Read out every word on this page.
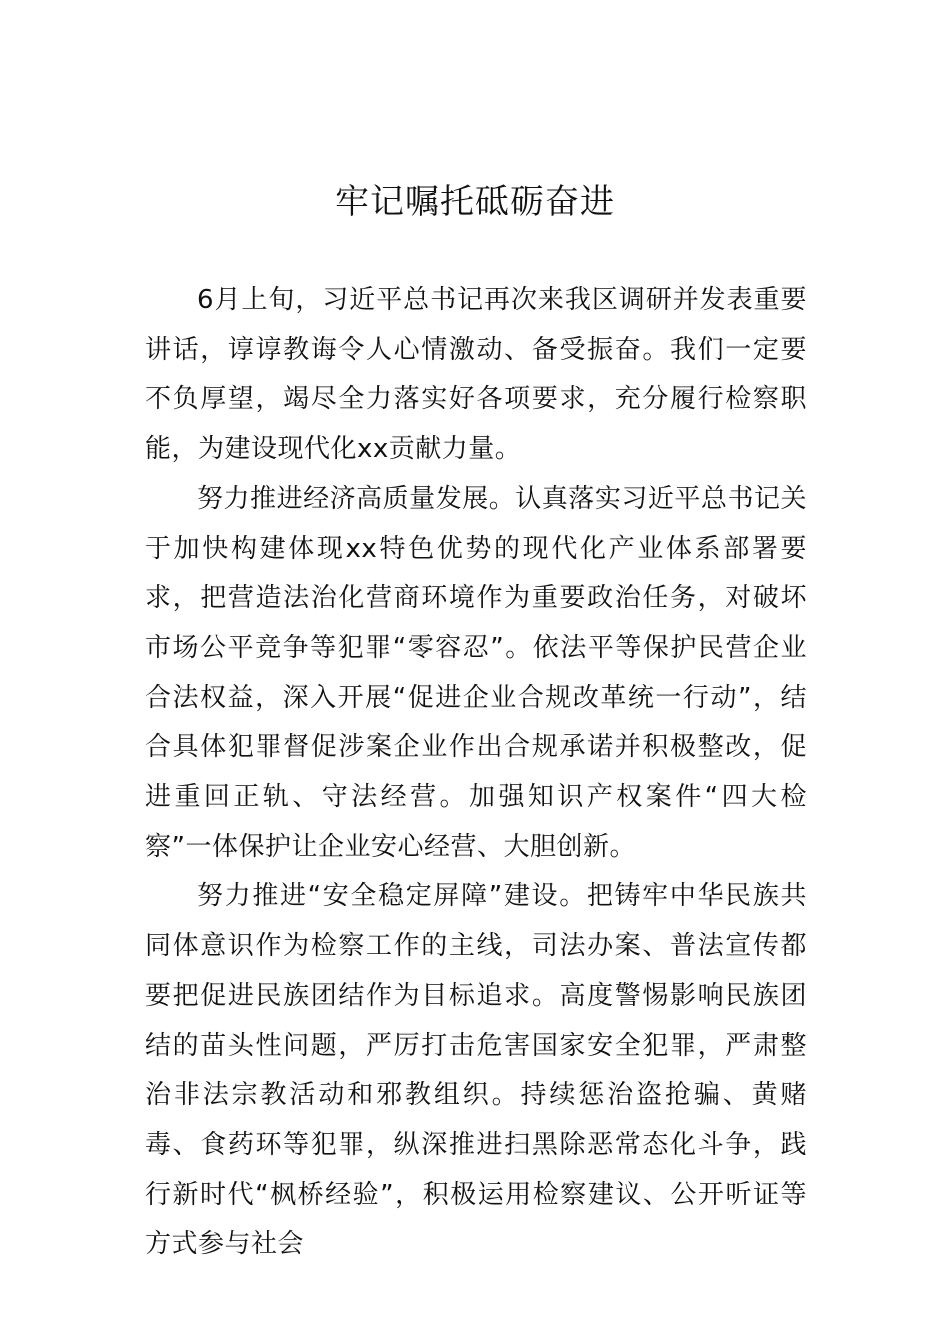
牢记嘱托砥砺奋进

6月上旬，习近平总书记再次来我区调研并发表重要讲话，谆谆教诲令人心情激动、备受振奋。我们一定要不负厚望，竭尽全力落实好各项要求，充分履行检察职能，为建设现代化xx贡献力量。

努力推进经济高质量发展。认真落实习近平总书记关于加快构建体现xx特色优势的现代化产业体系部署要求，把营造法治化营商环境作为重要政治任务，对破坏市场公平竞争等犯罪“零容忍”。依法平等保护民营企业合法权益，深入开展“促进企业合规改革统一行动”，结合具体犯罪督促涉案企业作出合规承诺并积极整改，促进重回正轨、守法经营。加强知识产权案件“四大检察”一体保护让企业安心经营、大胆创新。

努力推进“安全稳定屏障”建设。把铸牢中华民族共同体意识作为检察工作的主线，司法办案、普法宣传都要把促进民族团结作为目标追求。高度警惕影响民族团结的苗头性问题，严厉打击危害国家安全犯罪，严肃整治非法宗教活动和邪教组织。持续惩治盗抢骗、黄赌毒、食药环等犯罪，纵深推进扫黑除恶常态化斗争，践行新时代“枫桥经验”，积极运用检察建议、公开听证等方式参与社会
